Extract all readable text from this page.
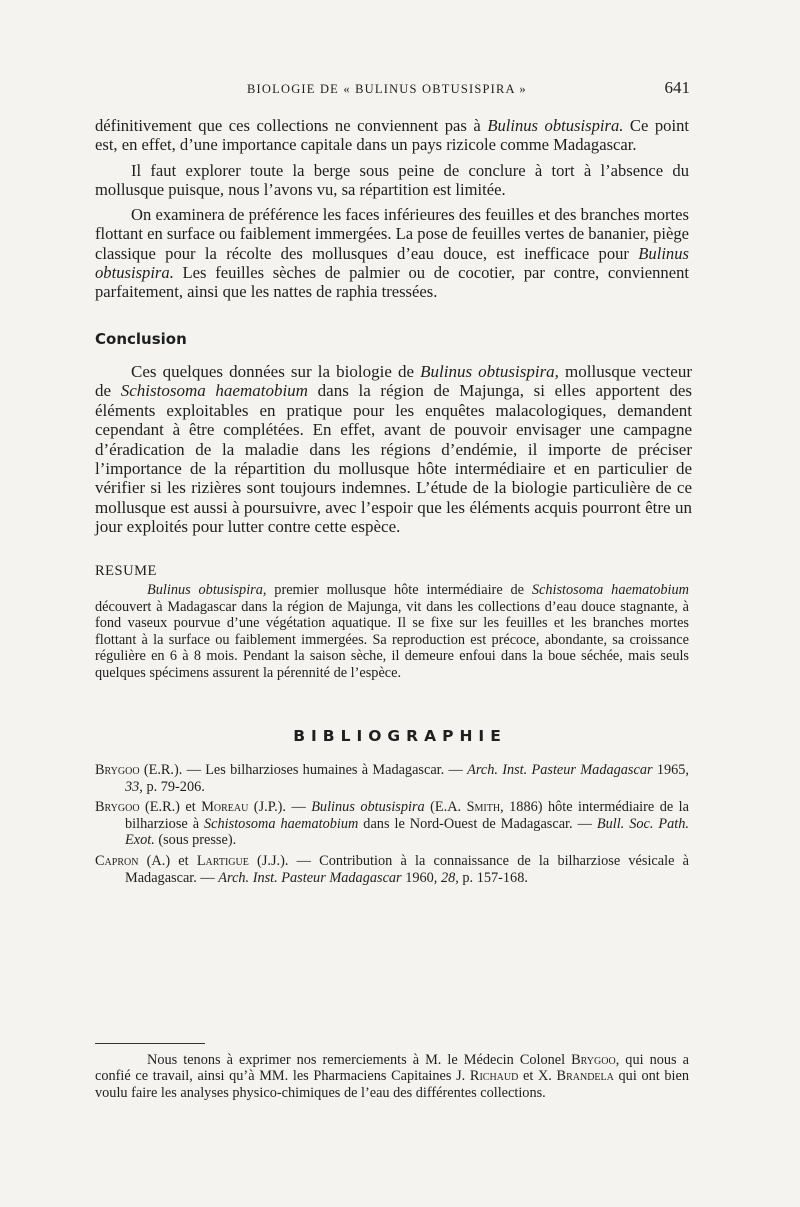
BIOLOGIE DE « BULINUS OBTUSISPIRA »	641

définitivement que ces collections ne conviennent pas à Bulinus obtusispira. Ce point est, en effet, d’une importance capitale dans un pays rizicole comme Madagascar.

Il faut explorer toute la berge sous peine de conclure à tort à l’absence du mollusque puisque, nous l’avons vu, sa répartition est limitée.

On examinera de préférence les faces inférieures des feuilles et des branches mortes flottant en surface ou faiblement immergées. La pose de feuilles vertes de bananier, piège classique pour la récolte des mollusques d’eau douce, est inefficace pour Bulinus obtusispira. Les feuilles sèches de palmier ou de cocotier, par contre, conviennent parfaitement, ainsi que les nattes de raphia tressées.

Conclusion

Ces quelques données sur la biologie de Bulinus obtusispira, mollusque vecteur de Schistosoma haematobium dans la région de Majunga, si elles apportent des éléments exploitables en pratique pour les enquêtes malacologiques, demandent cependant à être complétées. En effet, avant de pouvoir envisager une campagne d’éradication de la maladie dans les régions d’endémie, il importe de préciser l’importance de la répartition du mollusque hôte intermédiaire et en particulier de vérifier si les rizières sont toujours indemnes. L’étude de la biologie particulière de ce mollusque est aussi à poursuivre, avec l’espoir que les éléments acquis pourront être un jour exploités pour lutter contre cette espèce.

RESUME

Bulinus obtusispira, premier mollusque hôte intermédiaire de Schistosoma haematobium découvert à Madagascar dans la région de Majunga, vit dans les collections d’eau douce stagnante, à fond vaseux pourvue d’une végétation aquatique. Il se fixe sur les feuilles et les branches mortes flottant à la surface ou faiblement immergées. Sa reproduction est précoce, abondante, sa croissance régulière en 6 à 8 mois. Pendant la saison sèche, il demeure enfoui dans la boue séchée, mais seuls quelques spécimens assurent la pérennité de l’espèce.

BIBLIOGRAPHIE

Brygoo (E.R.). — Les bilharzioses humaines à Madagascar. — Arch. Inst. Pasteur Madagascar 1965, 33, p. 79-206.

Brygoo (E.R.) et Moreau (J.P.). — Bulinus obtusispira (E.A. Smith, 1886) hôte intermédiaire de la bilharziose à Schistosoma haematobium dans le Nord-Ouest de Madagascar. — Bull. Soc. Path. Exot. (sous presse).

Capron (A.) et Lartigue (J.J.). — Contribution à la connaissance de la bilharziose vésicale à Madagascar. — Arch. Inst. Pasteur Madagascar 1960, 28, p. 157-168.

Nous tenons à exprimer nos remerciements à M. le Médecin Colonel Brygoo, qui nous a confié ce travail, ainsi qu’à MM. les Pharmaciens Capitaines J. Richaud et X. Brandela qui ont bien voulu faire les analyses physico-chimiques de l’eau des différentes collections.
